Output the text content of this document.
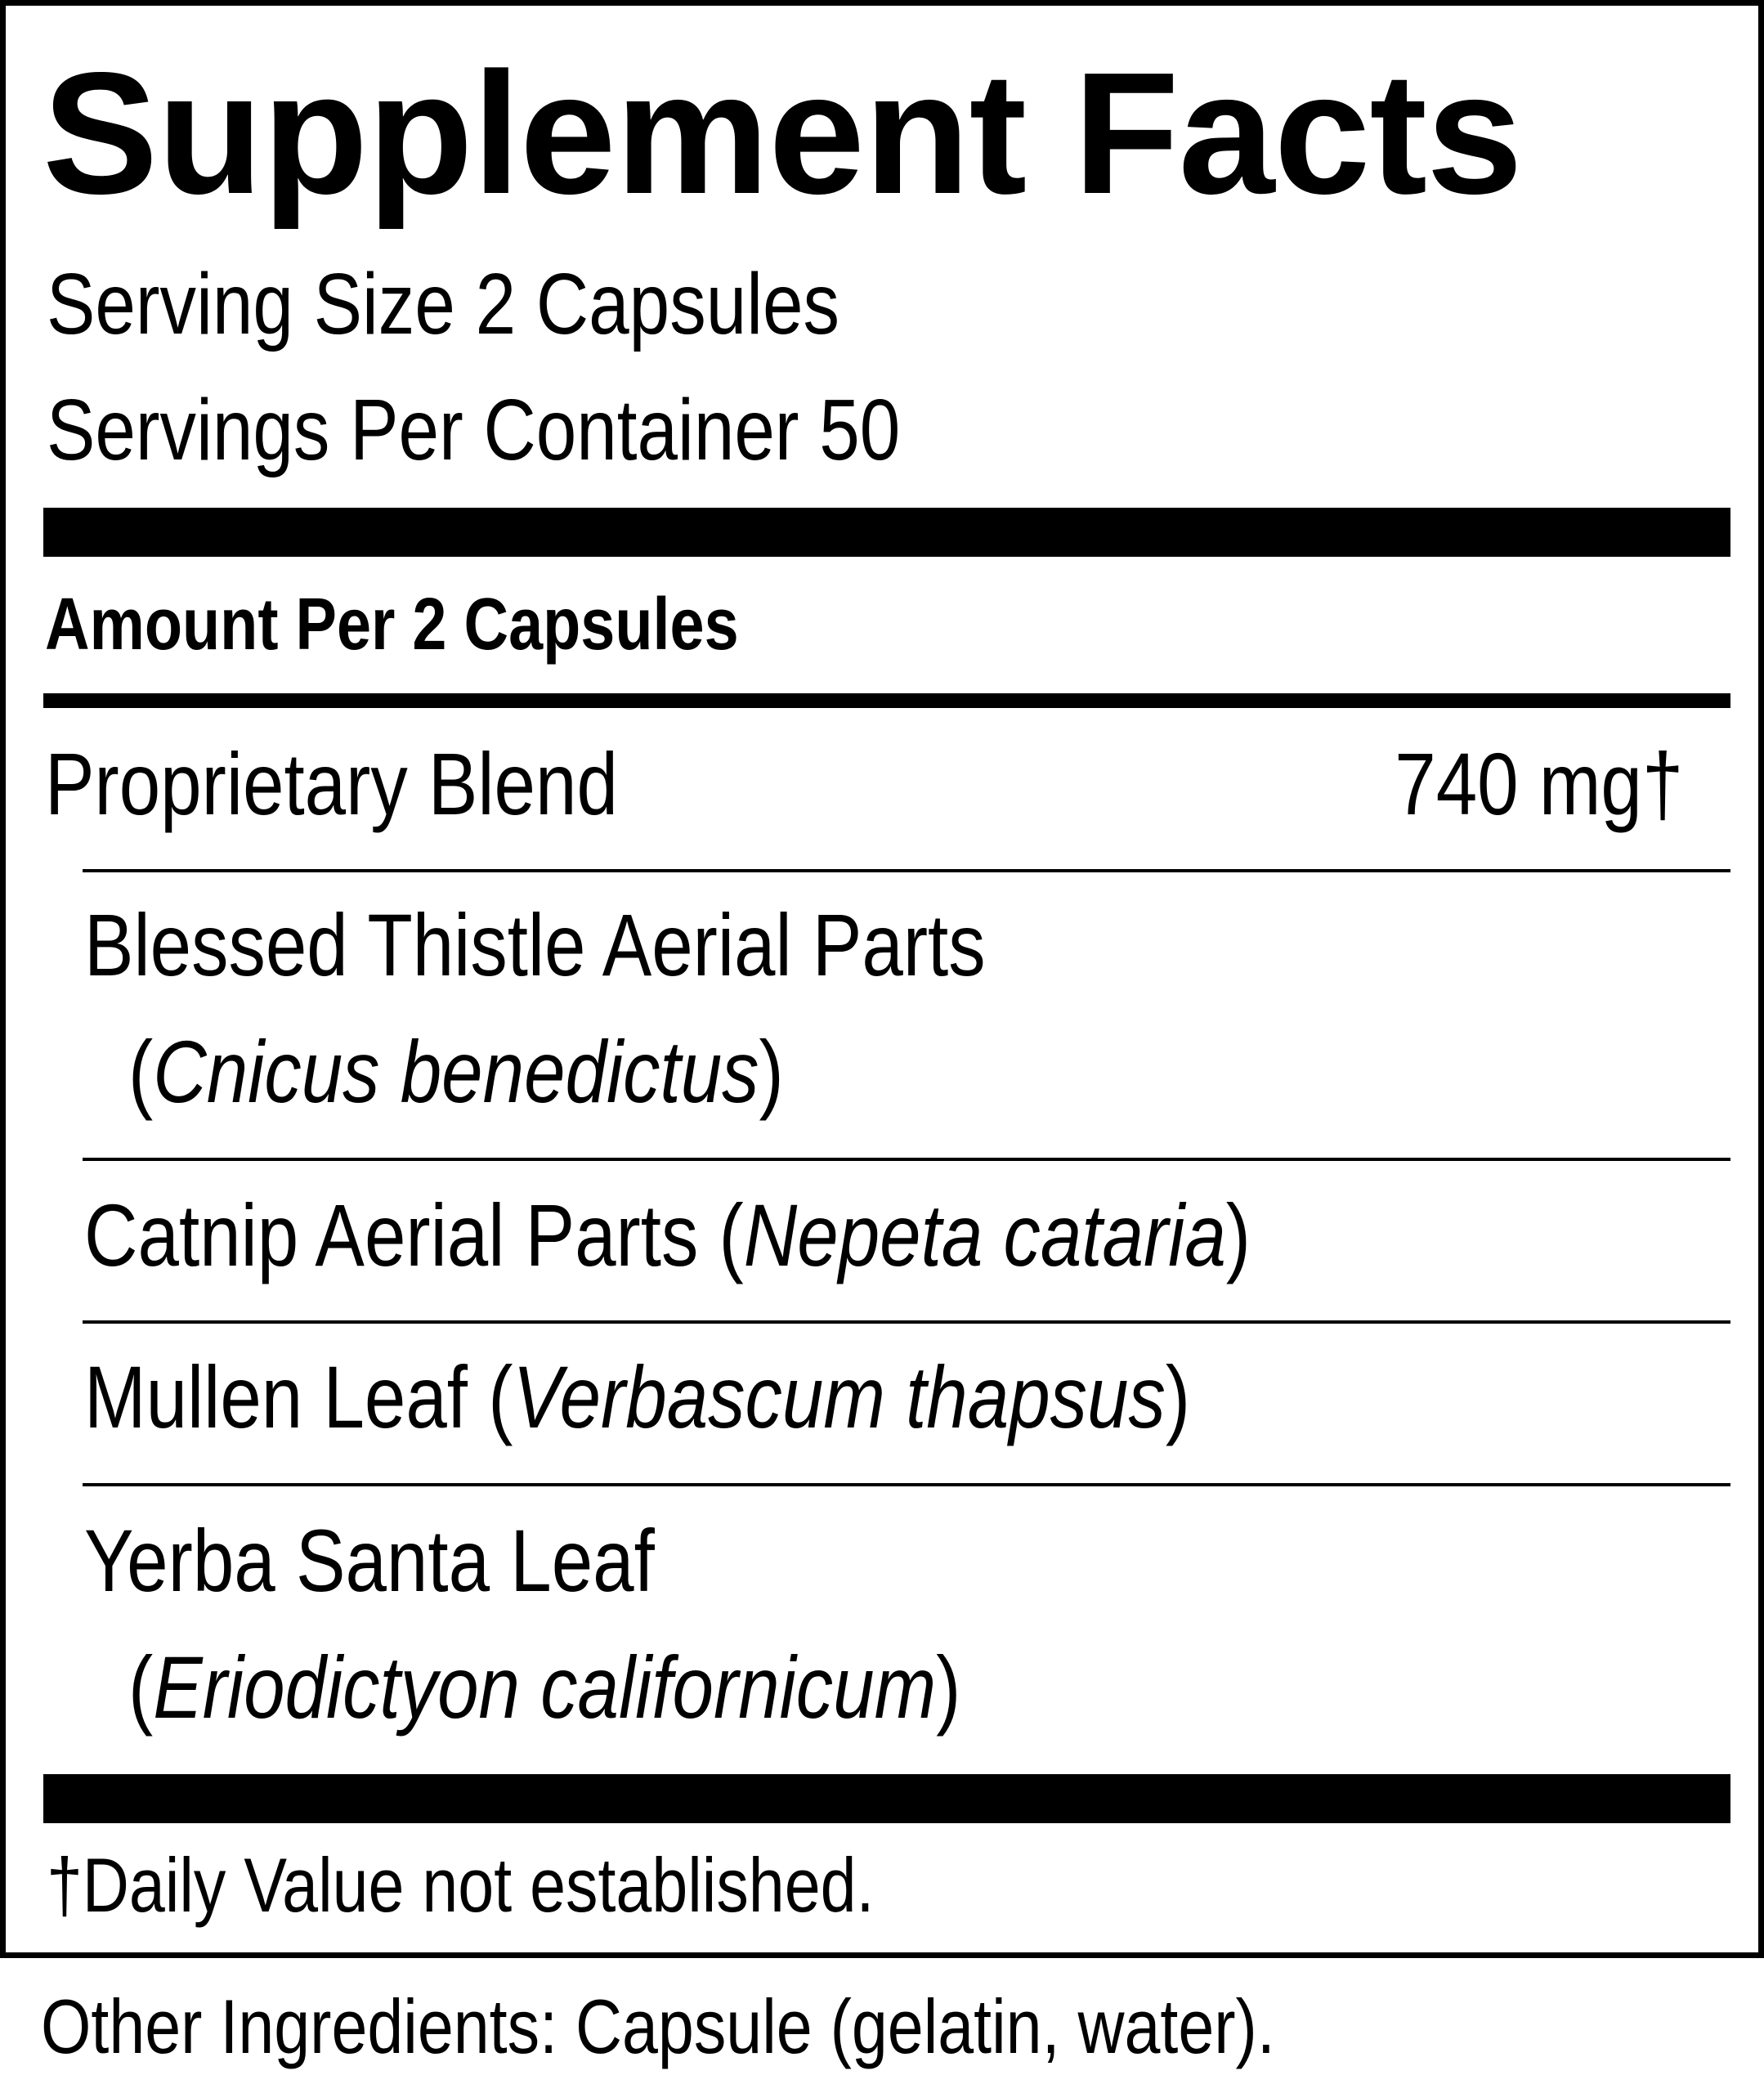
Supplement Facts
Serving Size 2 Capsules
Servings Per Container 50
Amount Per 2 Capsules
Proprietary Blend	740 mg†
Blessed Thistle Aerial Parts
(Cnicus benedictus)
Catnip Aerial Parts (Nepeta cataria)
Mullen Leaf (Verbascum thapsus)
Yerba Santa Leaf
(Eriodictyon californicum)
†Daily Value not established.
Other Ingredients: Capsule (gelatin, water).
